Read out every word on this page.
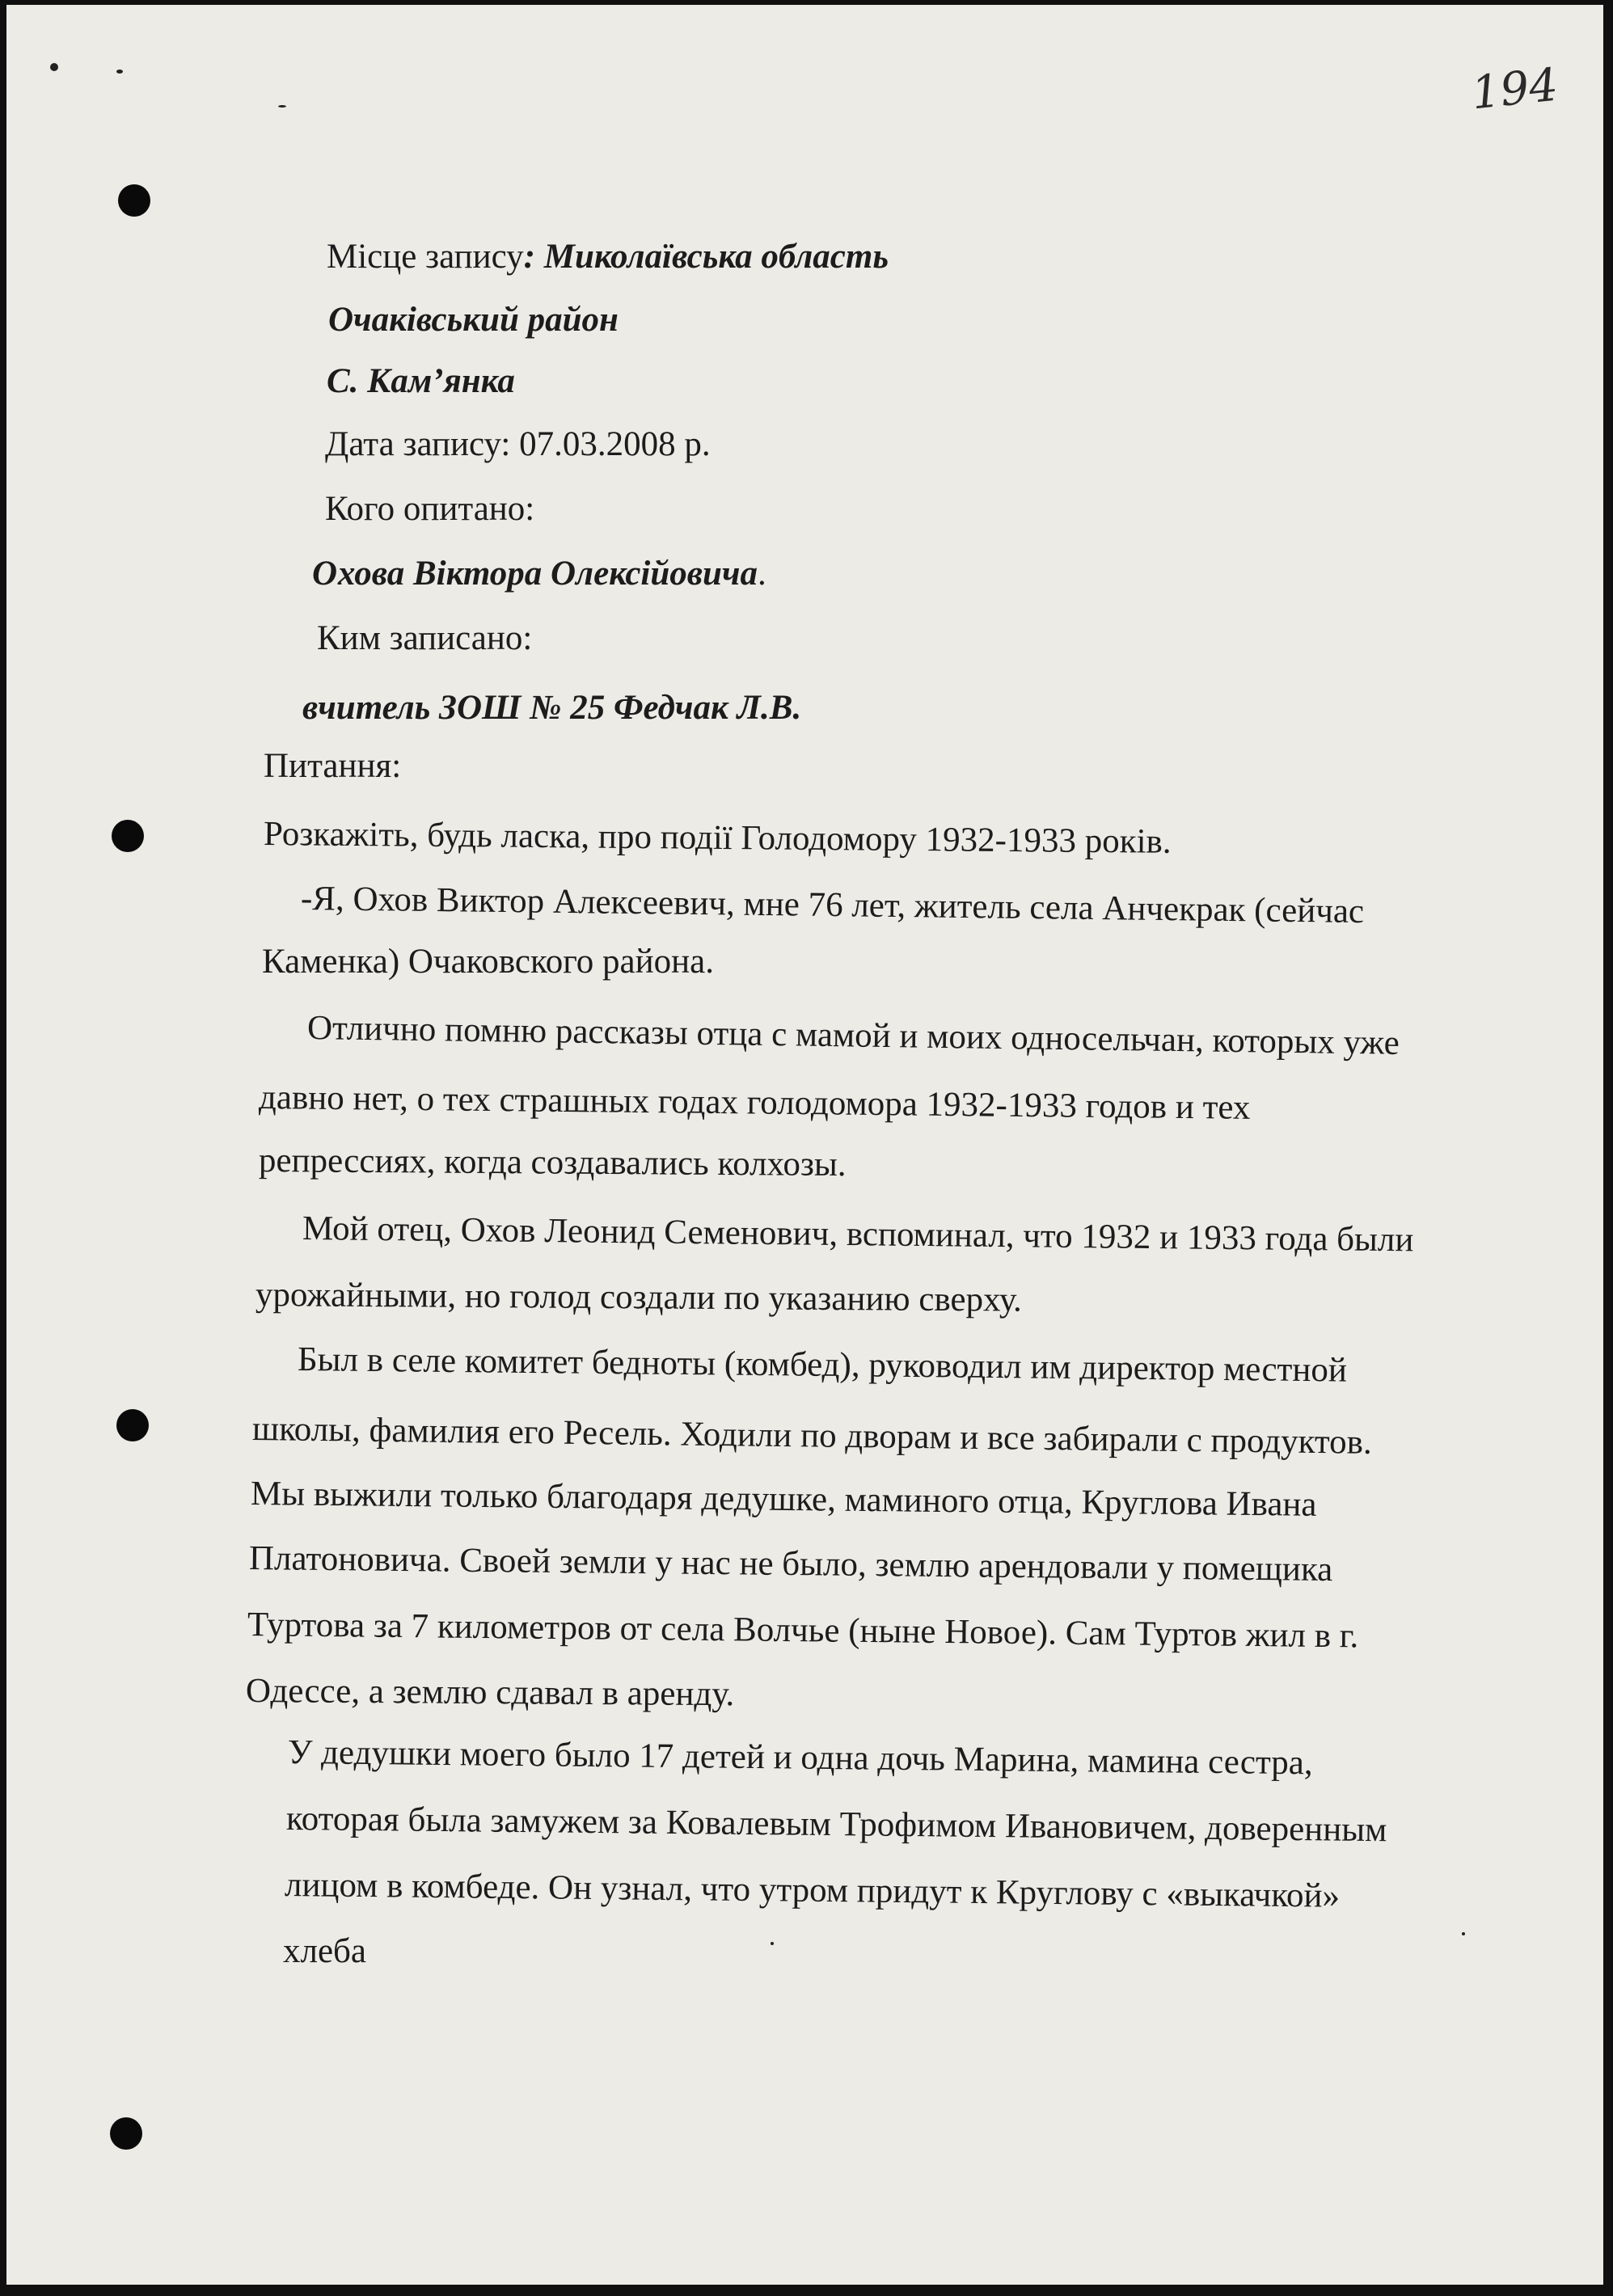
194
Місце запису: Миколаївська область
Очаківський район
С. Кам’янка
Дата запису: 07.03.2008 р.
Кого опитано:
Охова Віктора Олексійовича.
Ким записано:
вчитель ЗОШ № 25 Федчак Л.В.
Питання:
Розкажіть, будь ласка, про події Голодомору 1932-1933 років.
-Я, Охов Виктор Алексеевич, мне 76 лет, житель села Анчекрак (сейчас
Каменка) Очаковского района.
Отлично помню рассказы отца с мамой и моих односельчан, которых уже
давно нет, о тех страшных годах голодомора 1932-1933 годов и тех
репрессиях, когда создавались колхозы.
Мой отец, Охов Леонид Семенович, вспоминал, что 1932 и 1933 года были
урожайными, но голод создали по указанию сверху.
Был в селе комитет бедноты (комбед), руководил им директор местной
школы, фамилия его Ресель. Ходили по дворам и все забирали с продуктов.
Мы выжили только благодаря дедушке, маминого отца, Круглова Ивана
Платоновича. Своей земли у нас не было, землю арендовали у помещика
Туртова за 7 километров от села Волчье (ныне Новое). Сам Туртов жил в г.
Одессе, а землю сдавал в аренду.
У дедушки моего было 17 детей и одна дочь Марина, мамина сестра,
которая была замужем за Ковалевым Трофимом Ивановичем, доверенным
лицом в комбеде. Он узнал, что утром придут к Круглову с «выкачкой»
хлеба
